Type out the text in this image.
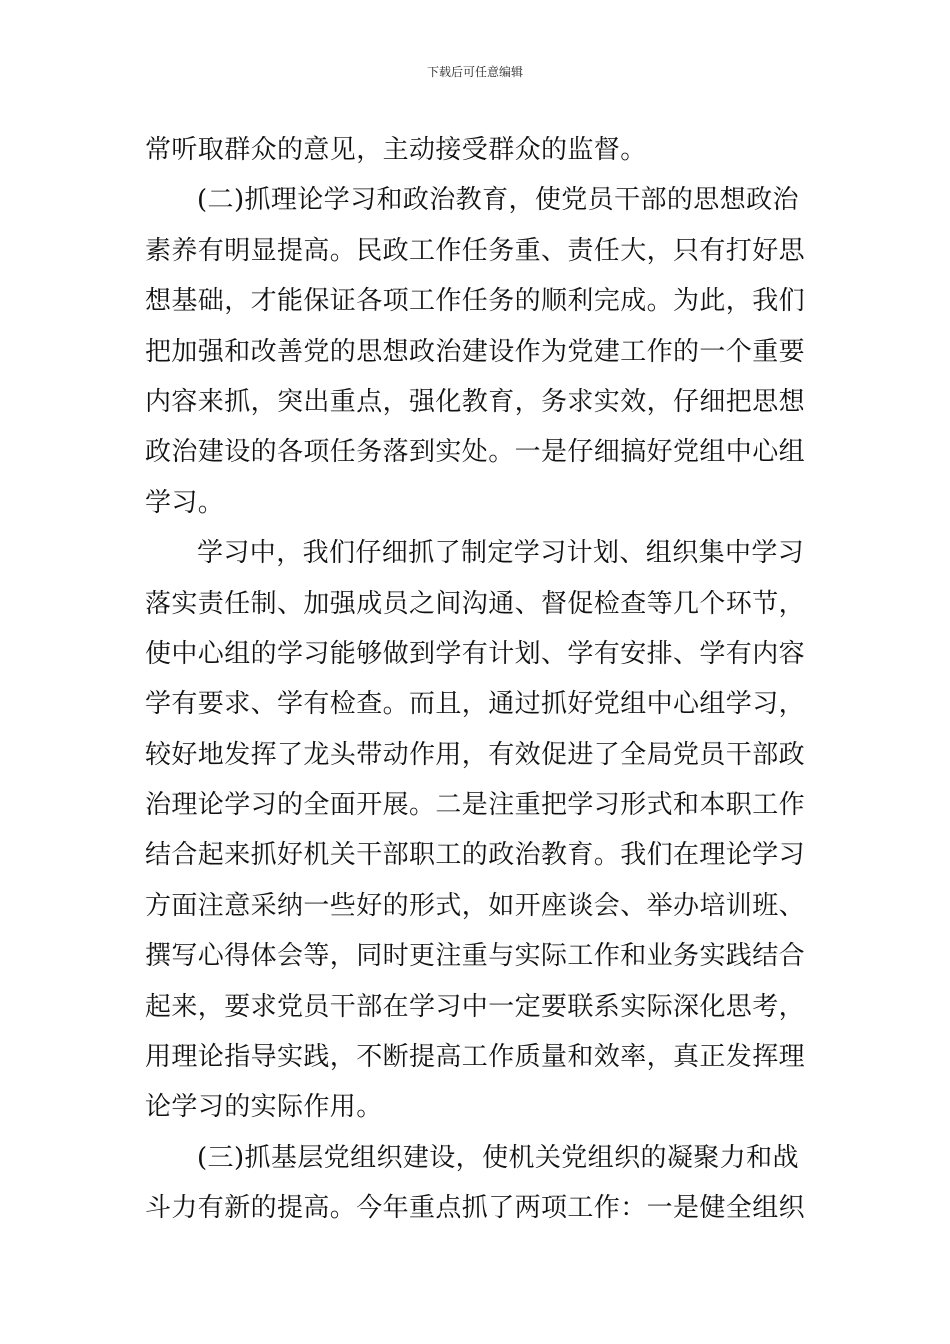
下载后可任意编辑
常听取群众的意见，主动接受群众的监督。
(二)抓理论学习和政治教育，使党员干部的思想政治
素养有明显提高。民政工作任务重、责任大，只有打好思
想基础，才能保证各项工作任务的顺利完成。为此，我们
把加强和改善党的思想政治建设作为党建工作的一个重要
内容来抓，突出重点，强化教育，务求实效，仔细把思想
政治建设的各项任务落到实处。一是仔细搞好党组中心组
学习。
学习中，我们仔细抓了制定学习计划、组织集中学习
落实责任制、加强成员之间沟通、督促检查等几个环节，
使中心组的学习能够做到学有计划、学有安排、学有内容
学有要求、学有检查。而且，通过抓好党组中心组学习，
较好地发挥了龙头带动作用，有效促进了全局党员干部政
治理论学习的全面开展。二是注重把学习形式和本职工作
结合起来抓好机关干部职工的政治教育。我们在理论学习
方面注意采纳一些好的形式，如开座谈会、举办培训班、
撰写心得体会等，同时更注重与实际工作和业务实践结合
起来，要求党员干部在学习中一定要联系实际深化思考，
用理论指导实践，不断提高工作质量和效率，真正发挥理
论学习的实际作用。
(三)抓基层党组织建设，使机关党组织的凝聚力和战
斗力有新的提高。今年重点抓了两项工作：一是健全组织
